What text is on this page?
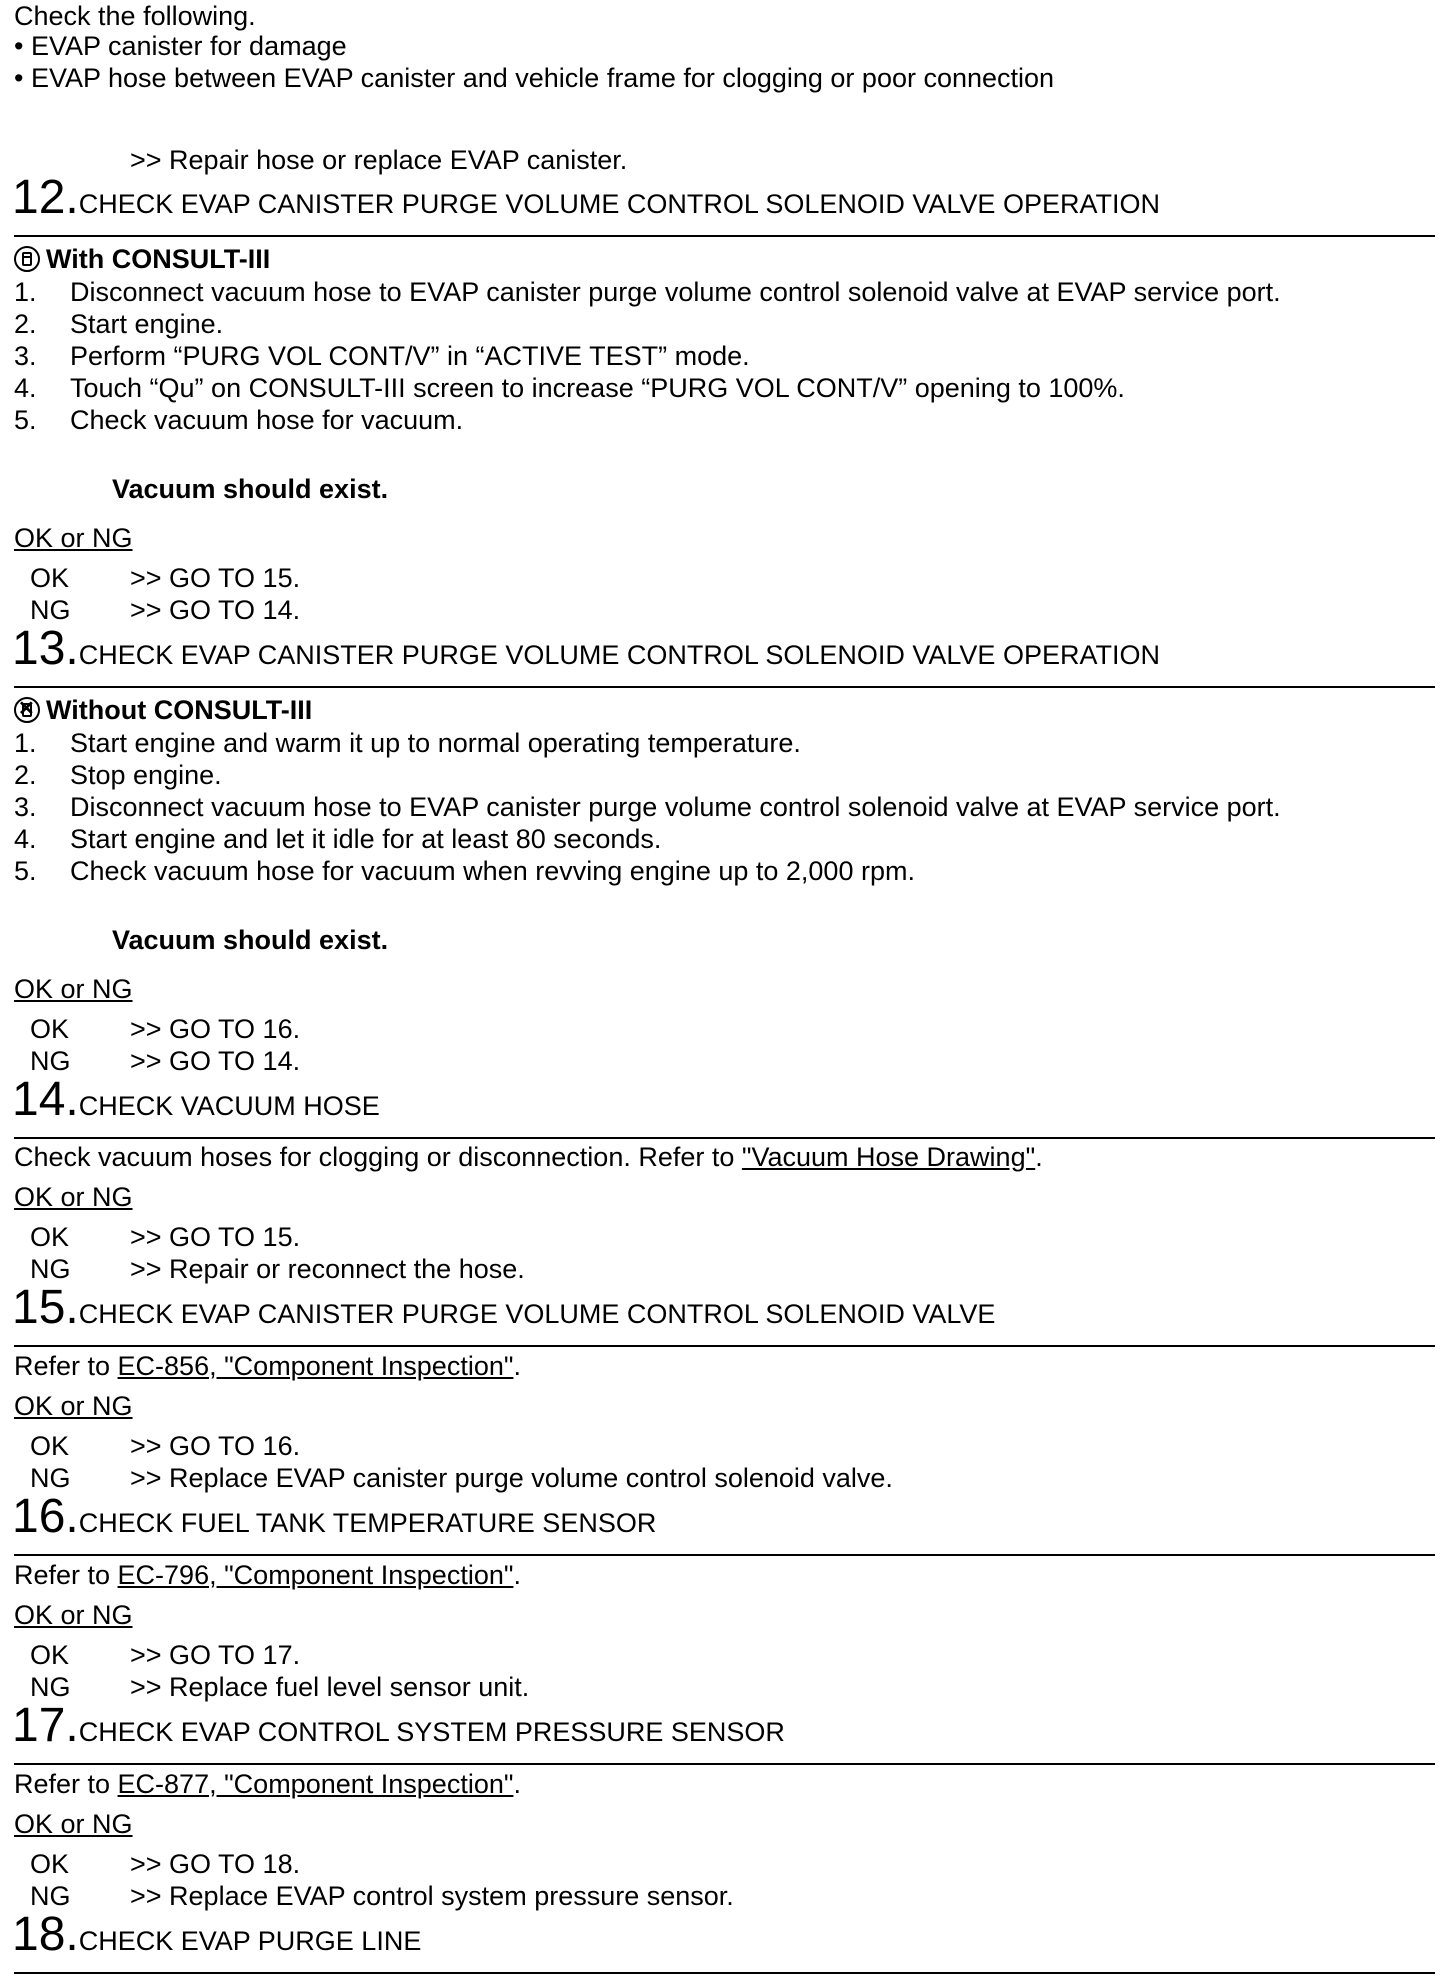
Check the following.
• EVAP canister for damage
• EVAP hose between EVAP canister and vehicle frame for clogging or poor connection
>> Repair hose or replace EVAP canister.
12.CHECK EVAP CANISTER PURGE VOLUME CONTROL SOLENOID VALVE OPERATION
With CONSULT-III
1. Disconnect vacuum hose to EVAP canister purge volume control solenoid valve at EVAP service port.
2. Start engine.
3. Perform “PURG VOL CONT/V” in “ACTIVE TEST” mode.
4. Touch “Qu” on CONSULT-III screen to increase “PURG VOL CONT/V” opening to 100%.
5. Check vacuum hose for vacuum.
Vacuum should exist.
OK or NG
OK >> GO TO 15.
NG >> GO TO 14.
13.CHECK EVAP CANISTER PURGE VOLUME CONTROL SOLENOID VALVE OPERATION
✕Without CONSULT-III
1. Start engine and warm it up to normal operating temperature.
2. Stop engine.
3. Disconnect vacuum hose to EVAP canister purge volume control solenoid valve at EVAP service port.
4. Start engine and let it idle for at least 80 seconds.
5. Check vacuum hose for vacuum when revving engine up to 2,000 rpm.
Vacuum should exist.
OK or NG
OK >> GO TO 16.
NG >> GO TO 14.
14.CHECK VACUUM HOSE
Check vacuum hoses for clogging or disconnection. Refer to "Vacuum Hose Drawing".
OK or NG
OK >> GO TO 15.
NG >> Repair or reconnect the hose.
15.CHECK EVAP CANISTER PURGE VOLUME CONTROL SOLENOID VALVE
Refer to EC-856, "Component Inspection".
OK or NG
OK >> GO TO 16.
NG >> Replace EVAP canister purge volume control solenoid valve.
16.CHECK FUEL TANK TEMPERATURE SENSOR
Refer to EC-796, "Component Inspection".
OK or NG
OK >> GO TO 17.
NG >> Replace fuel level sensor unit.
17.CHECK EVAP CONTROL SYSTEM PRESSURE SENSOR
Refer to EC-877, "Component Inspection".
OK or NG
OK >> GO TO 18.
NG >> Replace EVAP control system pressure sensor.
18.CHECK EVAP PURGE LINE
